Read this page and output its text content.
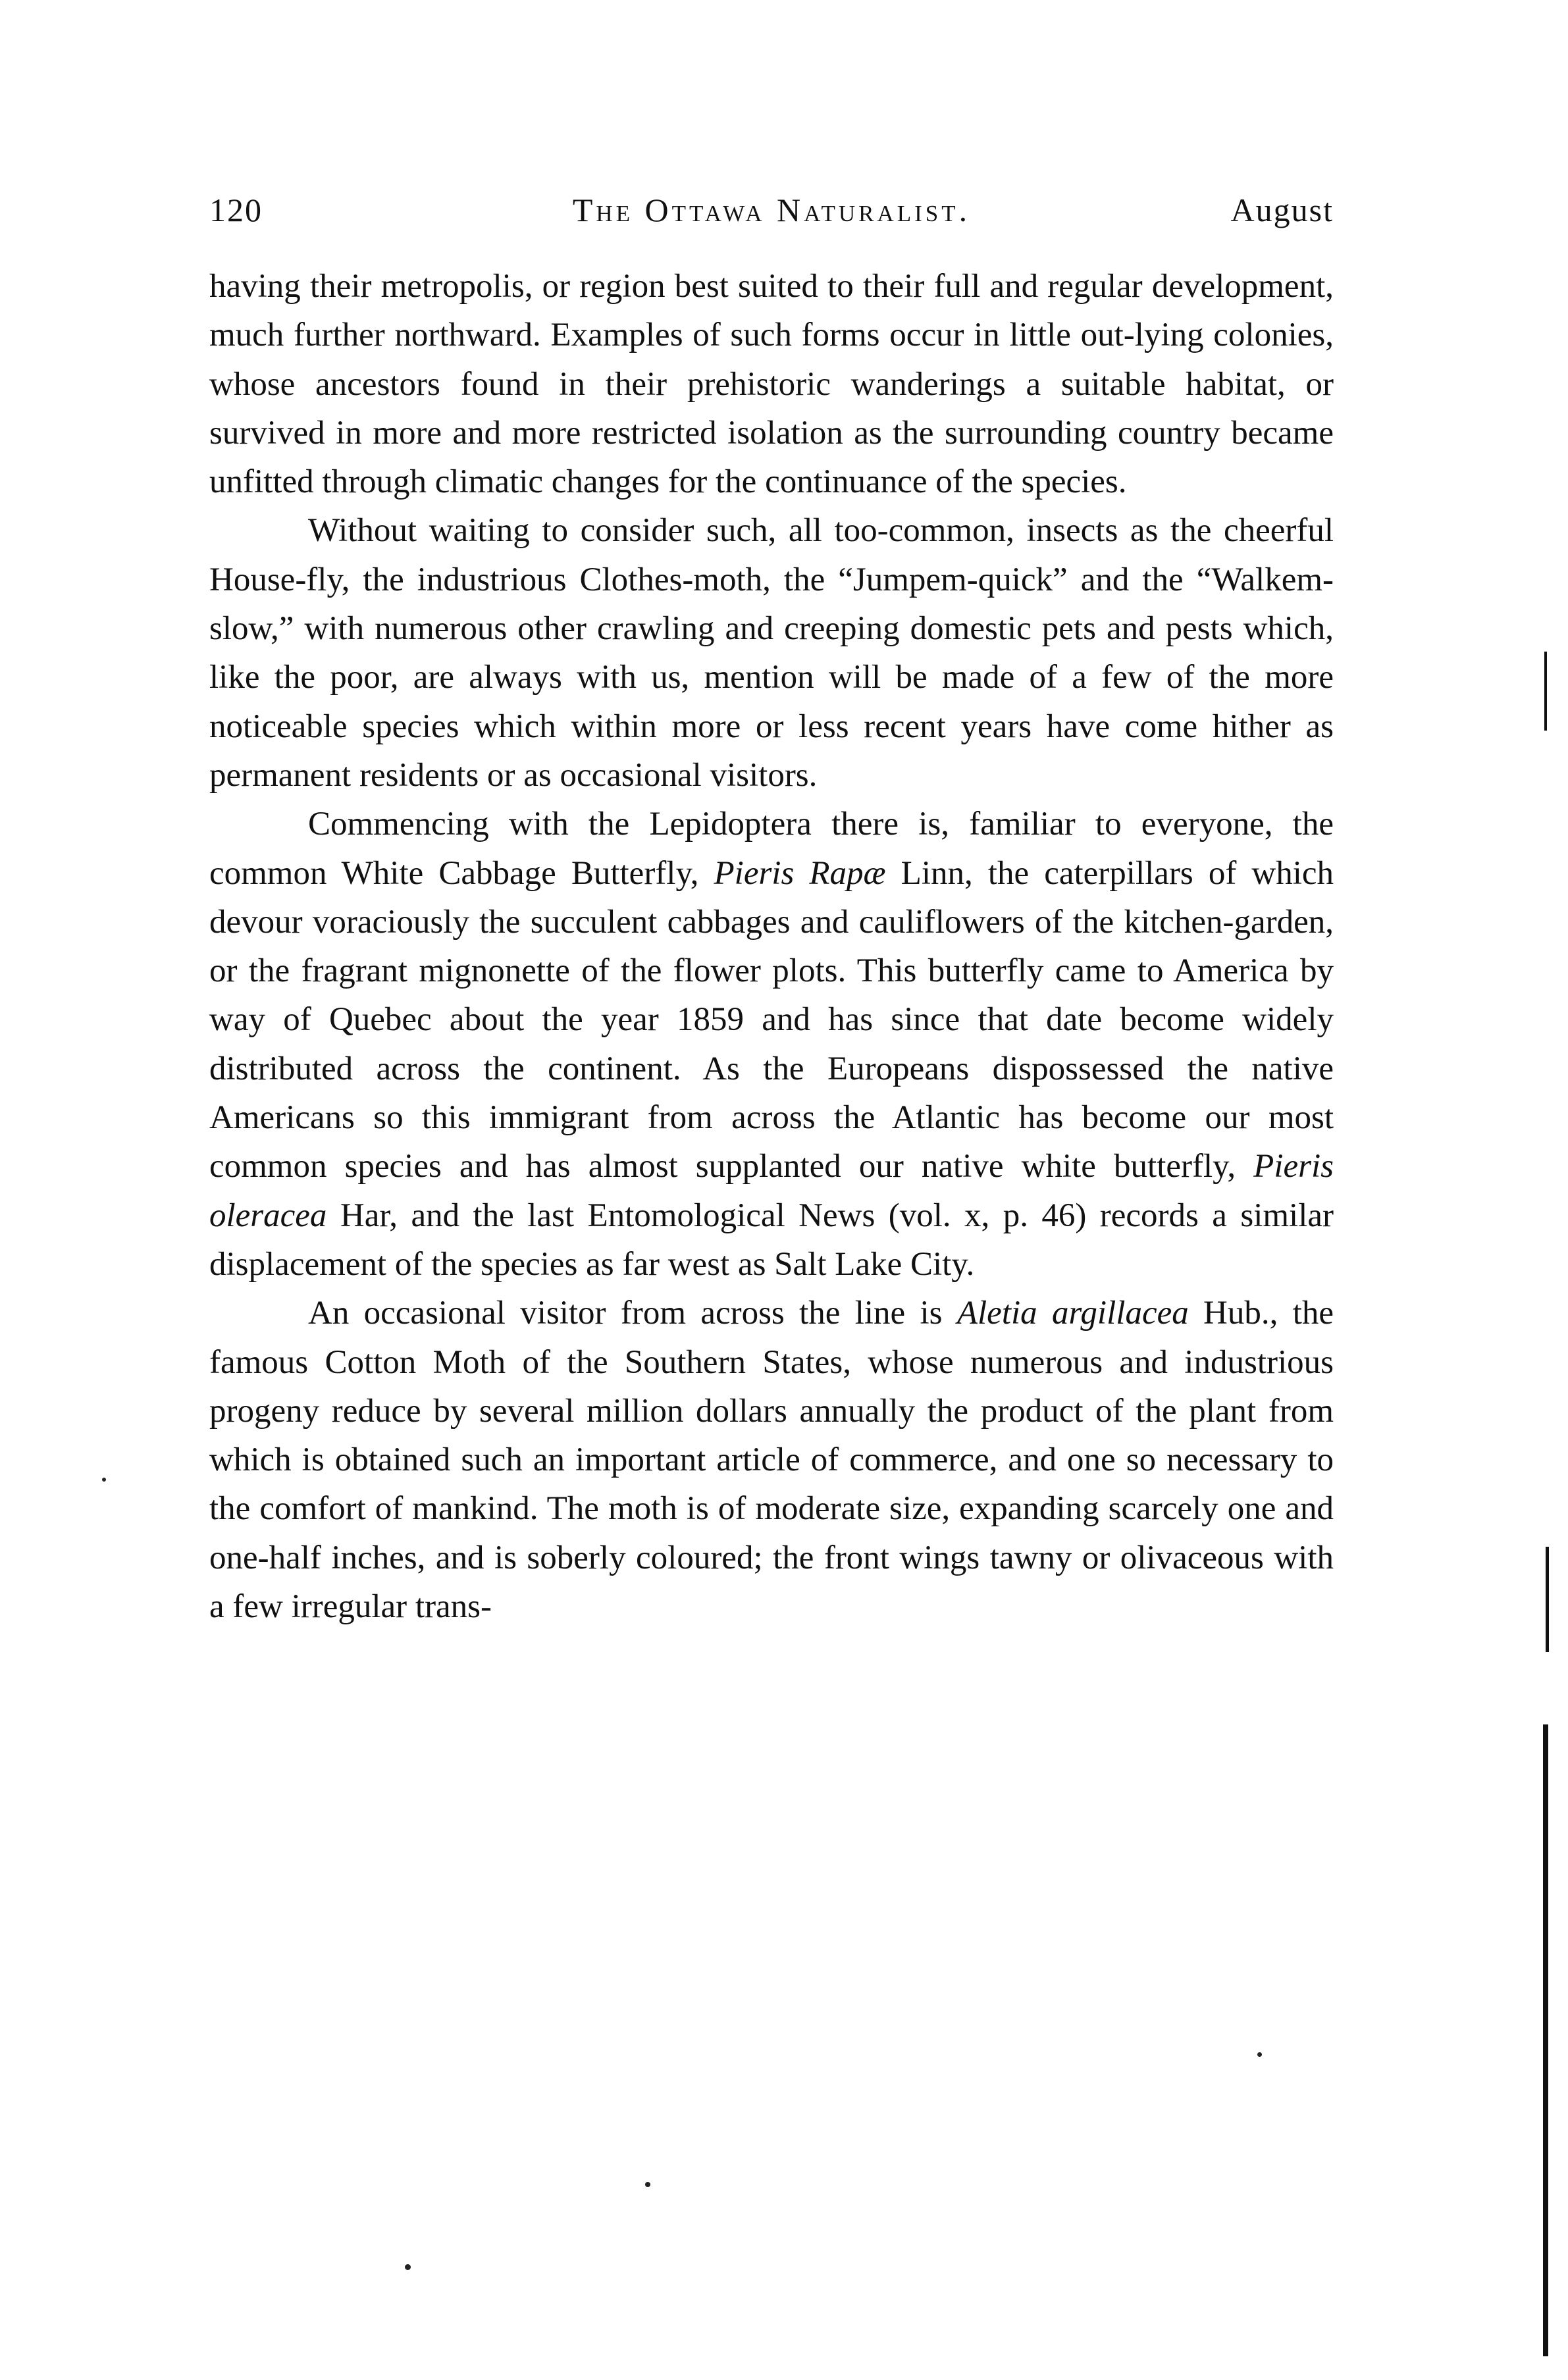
120	The Ottawa Naturalist.	August

having their metropolis, or region best suited to their full and regular development, much further northward. Examples of such forms occur in little out-lying colonies, whose ancestors found in their prehistoric wanderings a suitable habitat, or survived in more and more restricted isolation as the surrounding country became unfitted through climatic changes for the continuance of the species.

Without waiting to consider such, all too-common, insects as the cheerful House-fly, the industrious Clothes-moth, the “Jumpem-quick” and the “Walkem-slow,” with numerous other crawling and creeping domestic pets and pests which, like the poor, are always with us, mention will be made of a few of the more noticeable species which within more or less recent years have come hither as permanent residents or as occasional visitors.

Commencing with the Lepidoptera there is, familiar to everyone, the common White Cabbage Butterfly, Pieris Rapæ Linn, the caterpillars of which devour voraciously the succulent cabbages and cauliflowers of the kitchen-garden, or the fragrant mignonette of the flower plots. This butterfly came to America by way of Quebec about the year 1859 and has since that date become widely distributed across the continent. As the Europeans dispossessed the native Americans so this immigrant from across the Atlantic has become our most common species and has almost supplanted our native white butterfly, Pieris oleracea Har, and the last Entomological News (vol. x, p. 46) records a similar displacement of the species as far west as Salt Lake City.

An occasional visitor from across the line is Aletia argillacea Hub., the famous Cotton Moth of the Southern States, whose numerous and industrious progeny reduce by several million dollars annually the product of the plant from which is obtained such an important article of commerce, and one so necessary to the comfort of mankind. The moth is of moderate size, expanding scarcely one and one-half inches, and is soberly coloured; the front wings tawny or olivaceous with a few irregular trans-
